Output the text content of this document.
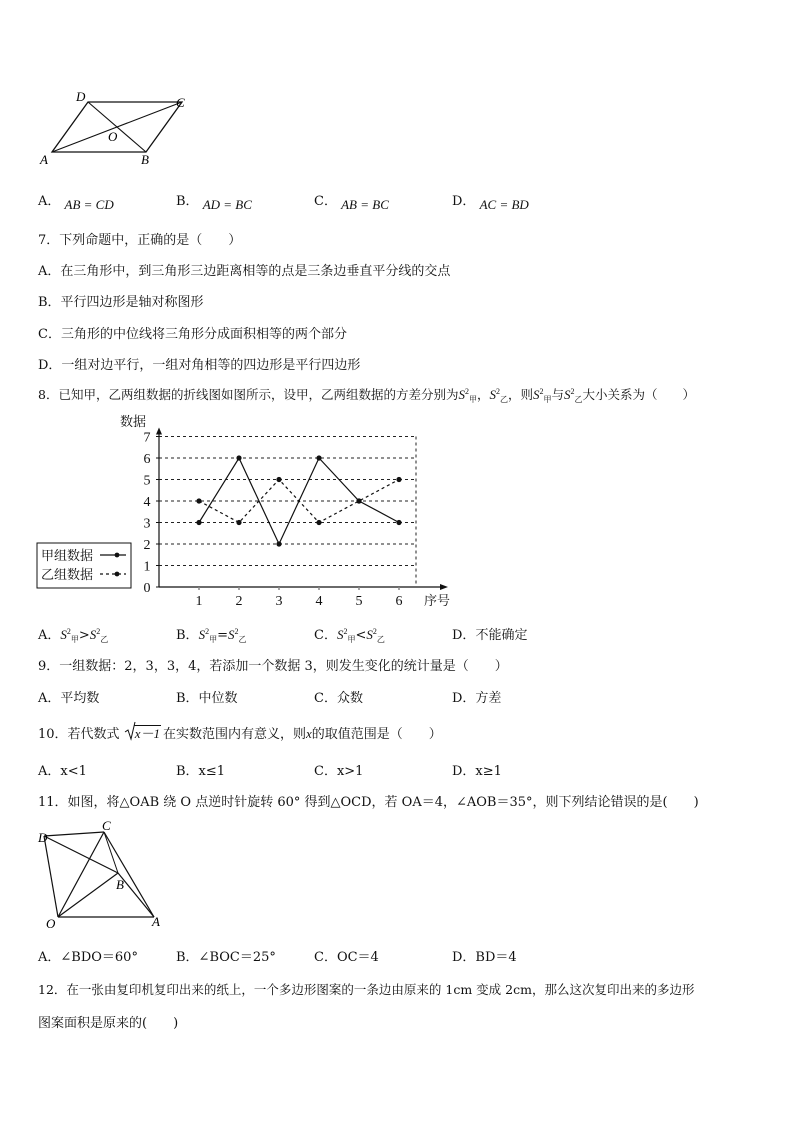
D	C
O
A	B
A． AB = CD	B． AD = BC	C． AB = BC	D． AC = BD
7．下列命题中，正确的是（　　）
A．在三角形中，到三角形三边距离相等的点是三条边垂直平分线的交点
B．平行四边形是轴对称图形
C．三角形的中位线将三角形分成面积相等的两个部分
D．一组对边平行，一组对角相等的四边形是平行四边形
8．已知甲，乙两组数据的折线图如图所示，设甲，乙两组数据的方差分别为$S^2_甲$，$S^2_乙$，则$S^2_甲$与$S^2_乙$大小关系为（　　）
0
1
2
3
4
5
6
7
1 2 3 4 5 6
数据
序号
甲组数据
乙组数据
A．$S^2_甲>S^2_乙$	B．$S^2_甲=S^2_乙$	C．$S^2_甲<S^2_乙$	D．不能确定
9．一组数据：2，3，3，4，若添加一个数据 3，则发生变化的统计量是（　　）
A．平均数	B．中位数	C．众数	D．方差
10．若代数式 x－1 在实数范围内有意义，则x的取值范围是（　　）
A．x<1	B．x≤1	C．x>1	D．x≥1
11．如图，将△OAB 绕 O 点逆时针旋转 60° 得到△OCD，若 OA＝4，∠AOB＝35°，则下列结论错误的是(　　)
D
C
B
O	A
A．∠BDO＝60°	B．∠BOC＝25°	C．OC＝4	D．BD＝4
12．在一张由复印机复印出来的纸上，一个多边形图案的一条边由原来的 1cm 变成 2cm，那么这次复印出来的多边形
图案面积是原来的(　　)
